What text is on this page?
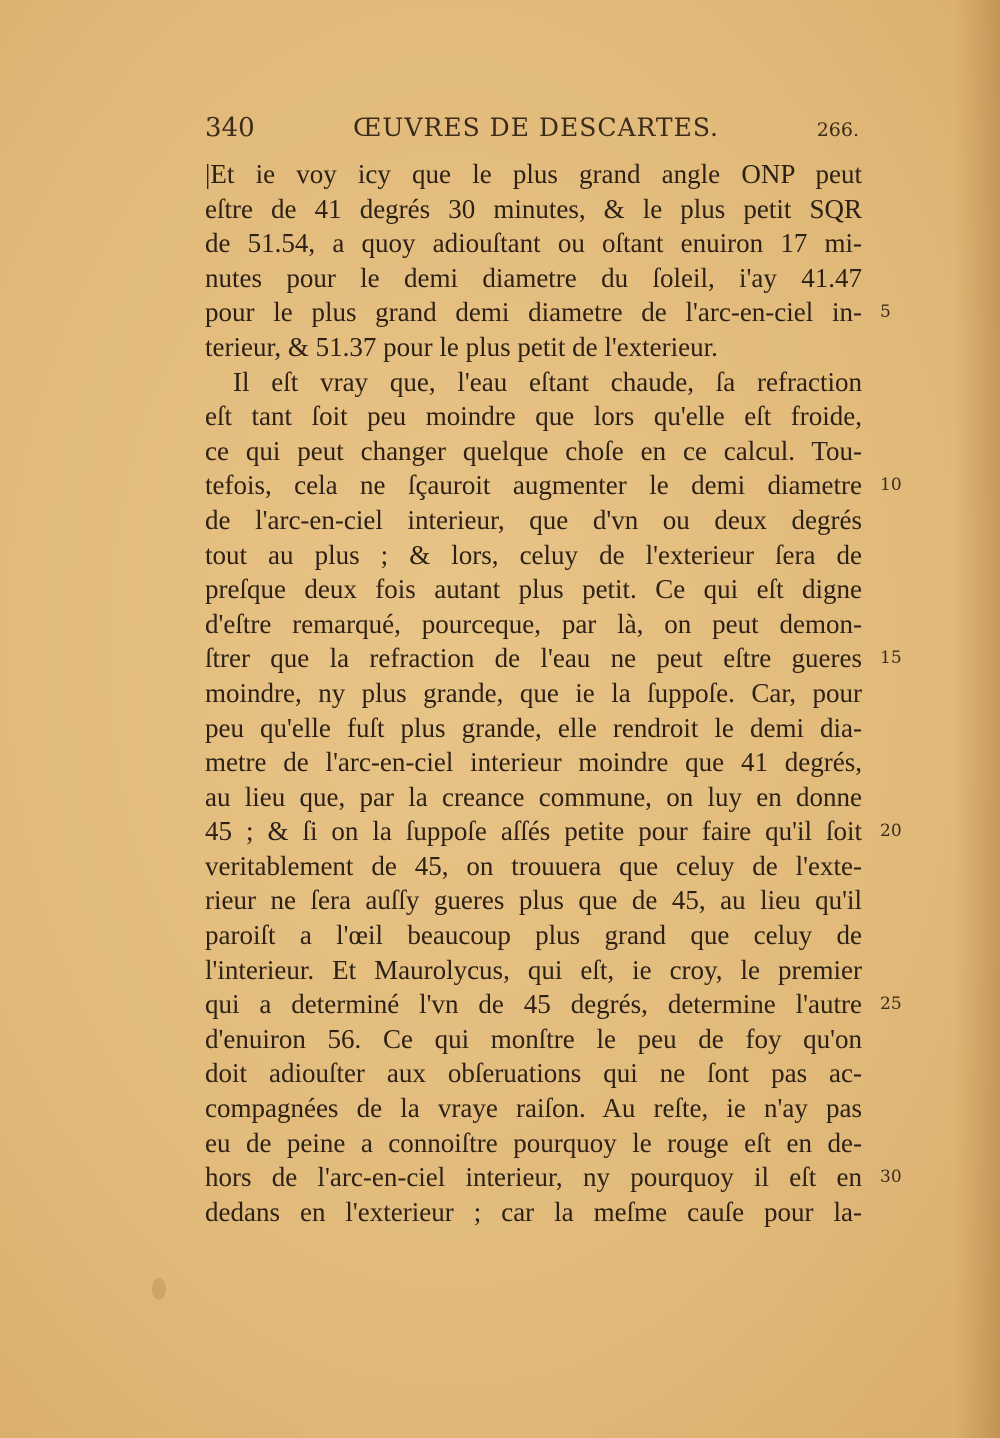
340	ŒUVRES DE DESCARTES.	266.
|Et ie voy icy que le plus grand angle ONP peut
eſtre de 41 degrés 30 minutes, & le plus petit SQR
de 51.54, a quoy adiouſtant ou oſtant enuiron 17 mi-
nutes pour le demi diametre du ſoleil, i'ay 41.47
pour le plus grand demi diametre de l'arc-en-ciel in-
terieur, & 51.37 pour le plus petit de l'exterieur.
Il eſt vray que, l'eau eſtant chaude, ſa refraction
eſt tant ſoit peu moindre que lors qu'elle eſt froide,
ce qui peut changer quelque choſe en ce calcul. Tou-
tefois, cela ne ſçauroit augmenter le demi diametre
de l'arc-en-ciel interieur, que d'vn ou deux degrés
tout au plus ; & lors, celuy de l'exterieur ſera de
preſque deux fois autant plus petit. Ce qui eſt digne
d'eſtre remarqué, pourceque, par là, on peut demon-
ſtrer que la refraction de l'eau ne peut eſtre gueres
moindre, ny plus grande, que ie la ſuppoſe. Car, pour
peu qu'elle fuſt plus grande, elle rendroit le demi dia-
metre de l'arc-en-ciel interieur moindre que 41 degrés,
au lieu que, par la creance commune, on luy en donne
45 ; & ſi on la ſuppoſe aſſés petite pour faire qu'il ſoit
veritablement de 45, on trouuera que celuy de l'exte-
rieur ne ſera auſſy gueres plus que de 45, au lieu qu'il
paroiſt a l'œil beaucoup plus grand que celuy de
l'interieur. Et Maurolycus, qui eſt, ie croy, le premier
qui a determiné l'vn de 45 degrés, determine l'autre
d'enuiron 56. Ce qui monſtre le peu de foy qu'on
doit adiouſter aux obſeruations qui ne ſont pas ac-
compagnées de la vraye raiſon. Au reſte, ie n'ay pas
eu de peine a connoiſtre pourquoy le rouge eſt en de-
hors de l'arc-en-ciel interieur, ny pourquoy il eſt en
dedans en l'exterieur ; car la meſme cauſe pour la-
5
10
15
20
25
30
